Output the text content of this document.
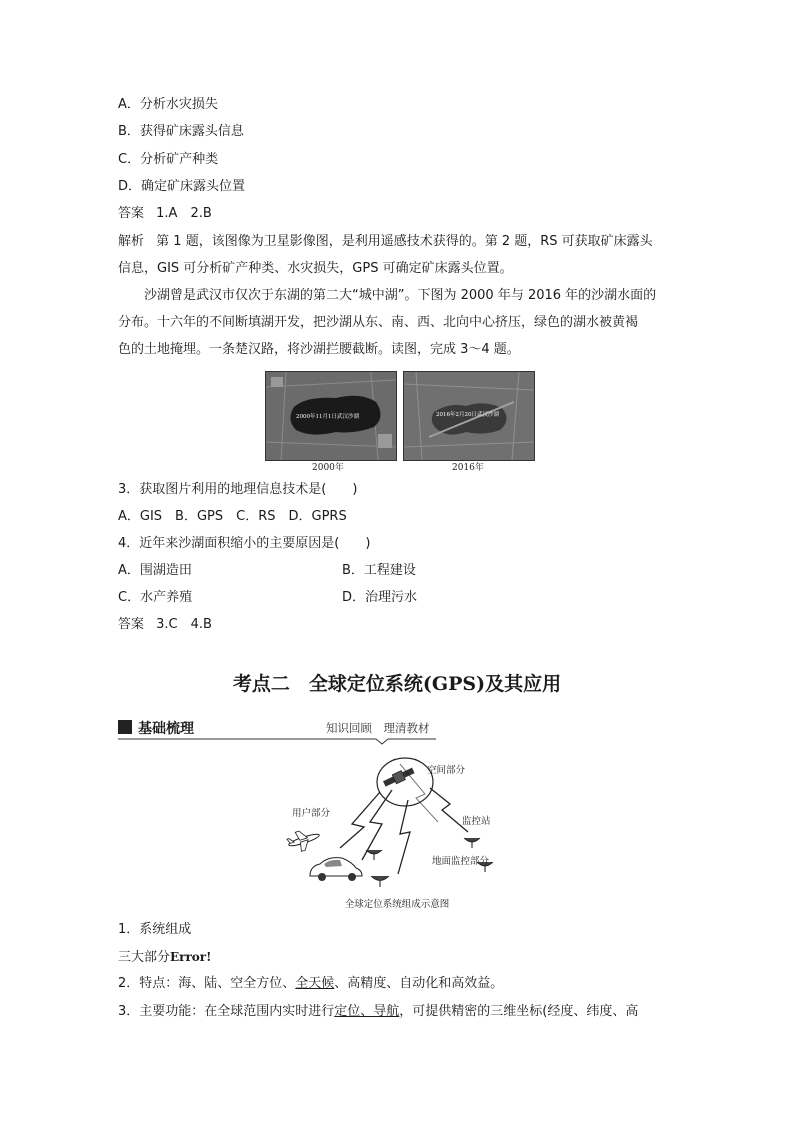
A．分析水灾损失
B．获得矿床露头信息
C．分析矿产种类
D．确定矿床露头位置
答案 1.A　2.B
解析 第 1 题，该图像为卫星影像图，是利用遥感技术获得的。第 2 题，RS 可获取矿床露头
信息，GIS 可分析矿产种类、水灾损失，GPS 可确定矿床露头位置。
沙湖曾是武汉市仅次于东湖的第二大“城中湖”。下图为 2000 年与 2016 年的沙湖水面的
分布。十六年的不间断填湖开发，把沙湖从东、南、西、北向中心挤压，绿色的湖水被黄褐
色的土地掩埋。一条楚汉路，将沙湖拦腰截断。读图，完成 3～4 题。
2000年11月1日武汉沙湖
2000年
2016年2月20日武汉沙湖
2016年
3．获取图片利用的地理信息技术是(　　)
A．GIS　B．GPS　C．RS　D．GPRS
4．近年来沙湖面积缩小的主要原因是(　　)
A．围湖造田	B．工程建设
C．水产养殖	D．治理污水
答案 3.C　4.B
考点二　全球定位系统(GPS)及其应用
基础梳理	知识回顾　理清教材
空间部分
用户部分
监控站
地面监控部分
全球定位系统组成示意图
1．系统组成
三大部分Error!
2．特点：海、陆、空全方位、全天候、高精度、自动化和高效益。
3．主要功能：在全球范围内实时进行定位、导航，可提供精密的三维坐标(经度、纬度、高
